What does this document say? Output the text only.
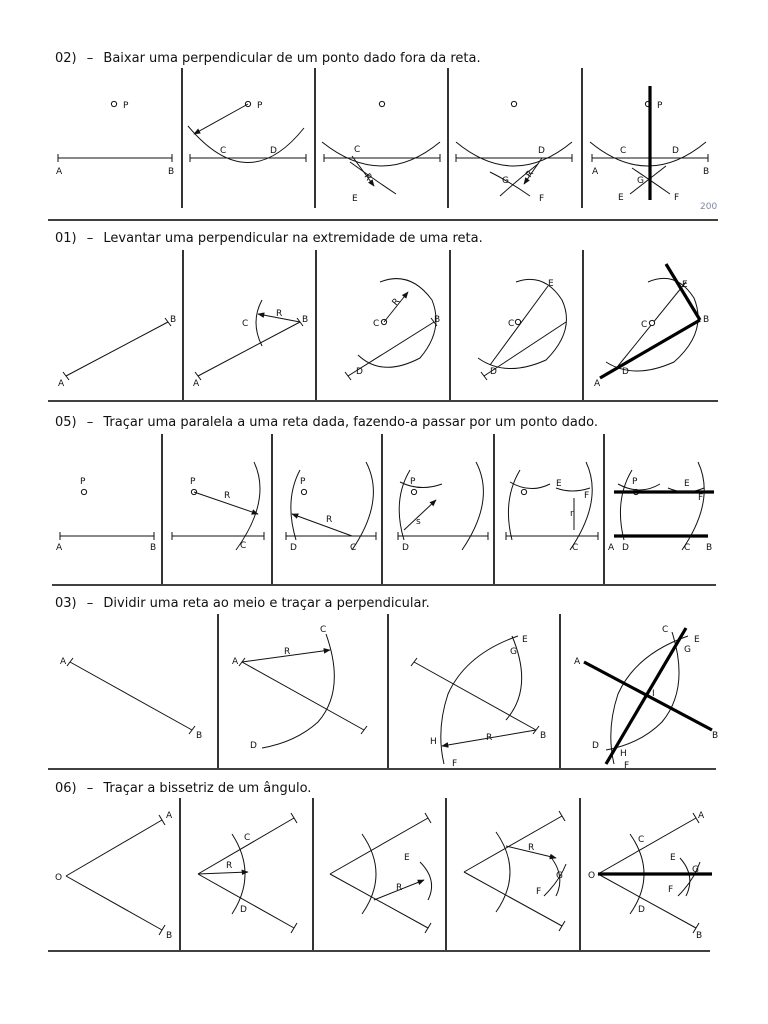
02) – Baixar uma perpendicular de um ponto dado fora da reta.
P
A	B
P
C	D	C
R
E
D
G
R
F
P
C	D
A	B
G
E	F
200
01) – Levantar uma perpendicular na extremidade de uma reta.
A
B	C
R
A
B	C
R
B
D
C
E
D
C
E
B
D
A
05) – Traçar uma paralela a uma reta dada, fazendo-a passar por um ponto dado.
P
A	B
P
R
C
P
R
D	C
P
s
D
r
E
F
C
P	E
F
A D	C B
03) – Dividir uma reta ao meio e traçar a perpendicular.
A
B
R
A
C
D
R
E
G
H
B
F
A
B
C
E
G
I
D
H
F
06) – Traçar a bissetriz de um ângulo.
O
A
B
R
C
D
R
E
R
F
G	O
A
B
C
D
E
F
G
